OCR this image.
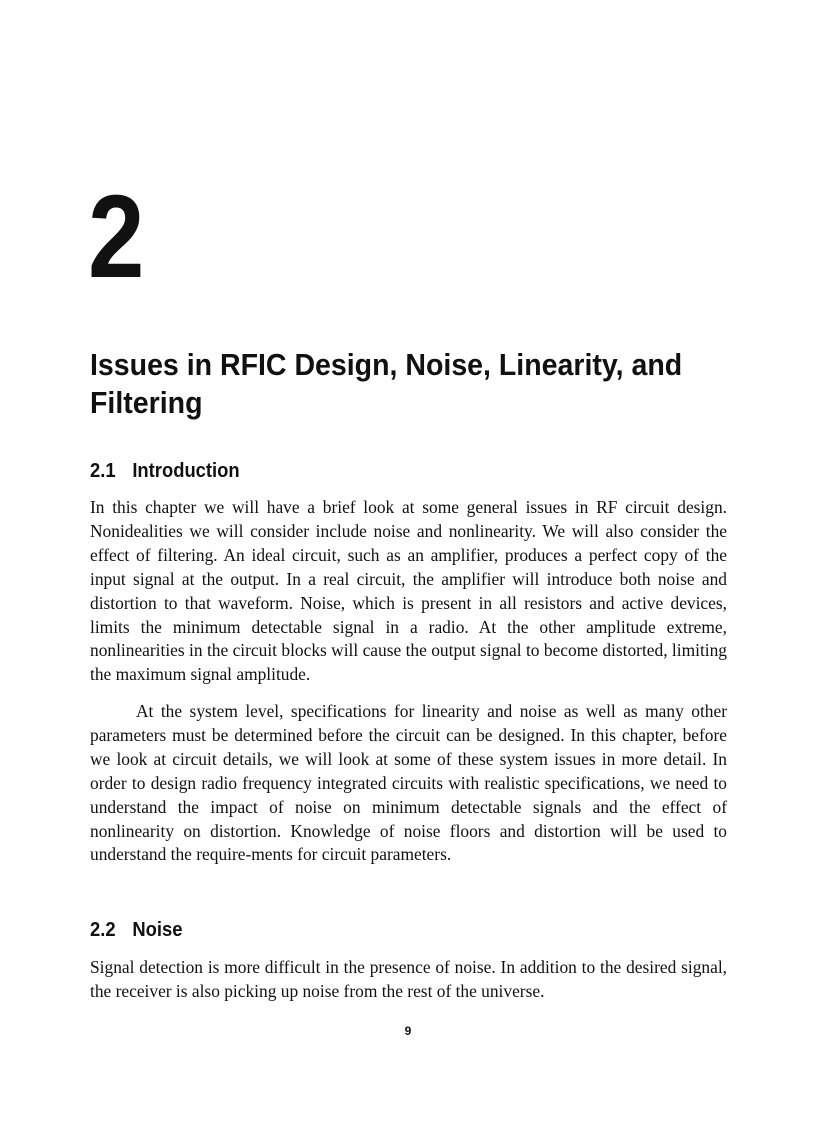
2
Issues in RFIC Design, Noise, Linearity, and Filtering
2.1 Introduction

In this chapter we will have a brief look at some general issues in RF circuit design. Nonidealities we will consider include noise and nonlinearity. We will also consider the effect of filtering. An ideal circuit, such as an amplifier, produces a perfect copy of the input signal at the output. In a real circuit, the amplifier will introduce both noise and distortion to that waveform. Noise, which is present in all resistors and active devices, limits the minimum detectable signal in a radio. At the other amplitude extreme, nonlinearities in the circuit blocks will cause the output signal to become distorted, limiting the maximum signal amplitude.

At the system level, specifications for linearity and noise as well as many other parameters must be determined before the circuit can be designed. In this chapter, before we look at circuit details, we will look at some of these system issues in more detail. In order to design radio frequency integrated circuits with realistic specifications, we need to understand the impact of noise on minimum detectable signals and the effect of nonlinearity on distortion. Knowledge of noise floors and distortion will be used to understand the require-ments for circuit parameters.

2.2 Noise

Signal detection is more difficult in the presence of noise. In addition to the desired signal, the receiver is also picking up noise from the rest of the universe.

9
